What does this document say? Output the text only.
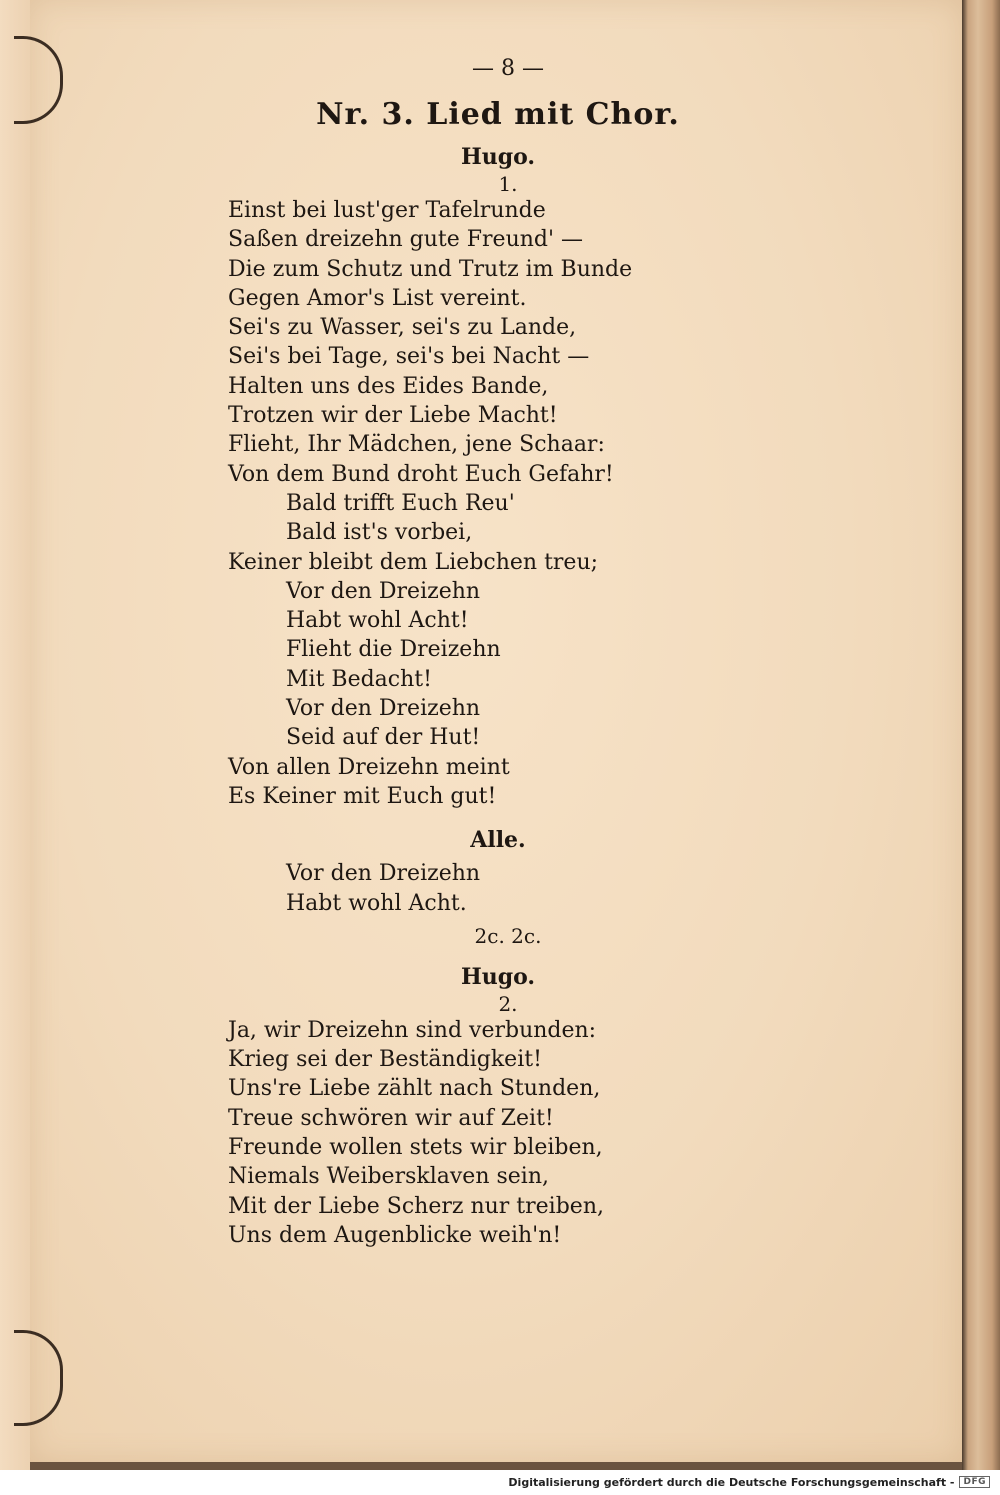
— 8 —
Nr. 3. Lied mit Chor.
Hugo.
1.
Einst bei lust'ger Tafelrunde
Saßen dreizehn gute Freund' —
Die zum Schutz und Trutz im Bunde
Gegen Amor's List vereint.
Sei's zu Wasser, sei's zu Lande,
Sei's bei Tage, sei's bei Nacht —
Halten uns des Eides Bande,
Trotzen wir der Liebe Macht!
Flieht, Ihr Mädchen, jene Schaar:
Von dem Bund droht Euch Gefahr!
Bald trifft Euch Reu'
Bald ist's vorbei,
Keiner bleibt dem Liebchen treu;
Vor den Dreizehn
Habt wohl Acht!
Flieht die Dreizehn
Mit Bedacht!
Vor den Dreizehn
Seid auf der Hut!
Von allen Dreizehn meint
Es Keiner mit Euch gut!
Alle.
Vor den Dreizehn
Habt wohl Acht.
2c. 2c.
Hugo.
2.
Ja, wir Dreizehn sind verbunden:
Krieg sei der Beständigkeit!
Uns're Liebe zählt nach Stunden,
Treue schwören wir auf Zeit!
Freunde wollen stets wir bleiben,
Niemals Weibersklaven sein,
Mit der Liebe Scherz nur treiben,
Uns dem Augenblicke weih'n!
Digitalisierung gefördert durch die Deutsche Forschungsgemeinschaft -	DFG
